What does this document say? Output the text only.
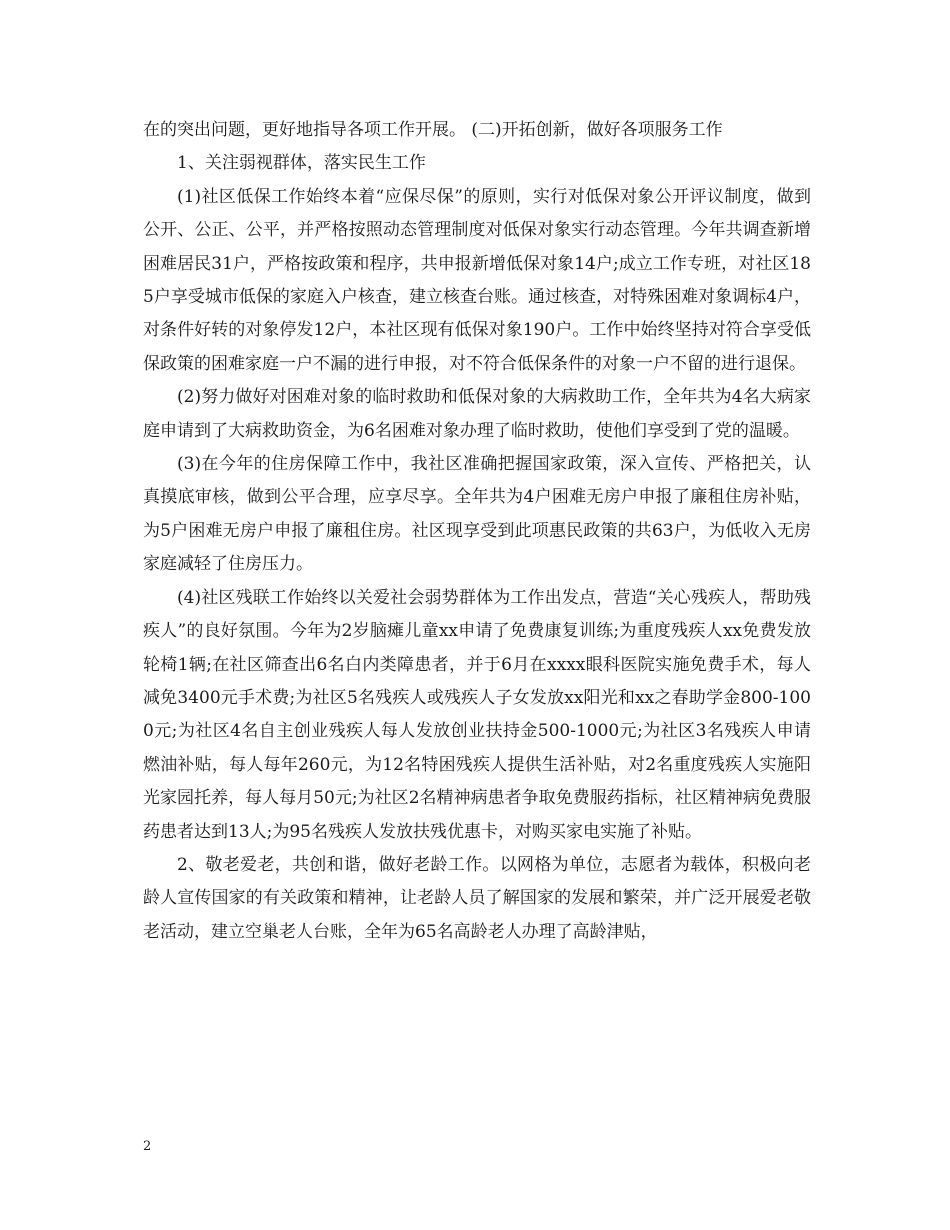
在的突出问题，更好地指导各项工作开展。 (二)开拓创新，做好各项服务工作

1、关注弱视群体，落实民生工作

(1)社区低保工作始终本着“应保尽保”的原则，实行对低保对象公开评议制度，做到公开、公正、公平，并严格按照动态管理制度对低保对象实行动态管理。今年共调查新增困难居民31户，严格按政策和程序，共申报新增低保对象14户;成立工作专班，对社区185户享受城市低保的家庭入户核查，建立核查台账。通过核查，对特殊困难对象调标4户，对条件好转的对象停发12户，本社区现有低保对象190户。工作中始终坚持对符合享受低保政策的困难家庭一户不漏的进行申报，对不符合低保条件的对象一户不留的进行退保。

(2)努力做好对困难对象的临时救助和低保对象的大病救助工作，全年共为4名大病家庭申请到了大病救助资金，为6名困难对象办理了临时救助，使他们享受到了党的温暖。

(3)在今年的住房保障工作中，我社区准确把握国家政策，深入宣传、严格把关，认真摸底审核，做到公平合理，应享尽享。全年共为4户困难无房户申报了廉租住房补贴，为5户困难无房户申报了廉租住房。社区现享受到此项惠民政策的共63户，为低收入无房家庭减轻了住房压力。

(4)社区残联工作始终以关爱社会弱势群体为工作出发点，营造“关心残疾人，帮助残疾人”的良好氛围。今年为2岁脑瘫儿童xx申请了免费康复训练;为重度残疾人xx免费发放轮椅1辆;在社区筛查出6名白内类障患者，并于6月在xxxx眼科医院实施免费手术，每人减免3400元手术费;为社区5名残疾人或残疾人子女发放xx阳光和xx之春助学金800-1000元;为社区4名自主创业残疾人每人发放创业扶持金500-1000元;为社区3名残疾人申请燃油补贴，每人每年260元，为12名特困残疾人提供生活补贴，对2名重度残疾人实施阳光家园托养，每人每月50元;为社区2名精神病患者争取免费服药指标，社区精神病免费服药患者达到13人;为95名残疾人发放扶残优惠卡，对购买家电实施了补贴。

2、敬老爱老，共创和谐，做好老龄工作。以网格为单位，志愿者为载体，积极向老龄人宣传国家的有关政策和精神，让老龄人员了解国家的发展和繁荣，并广泛开展爱老敬老活动，建立空巢老人台账，全年为65名高龄老人办理了高龄津贴，

2
